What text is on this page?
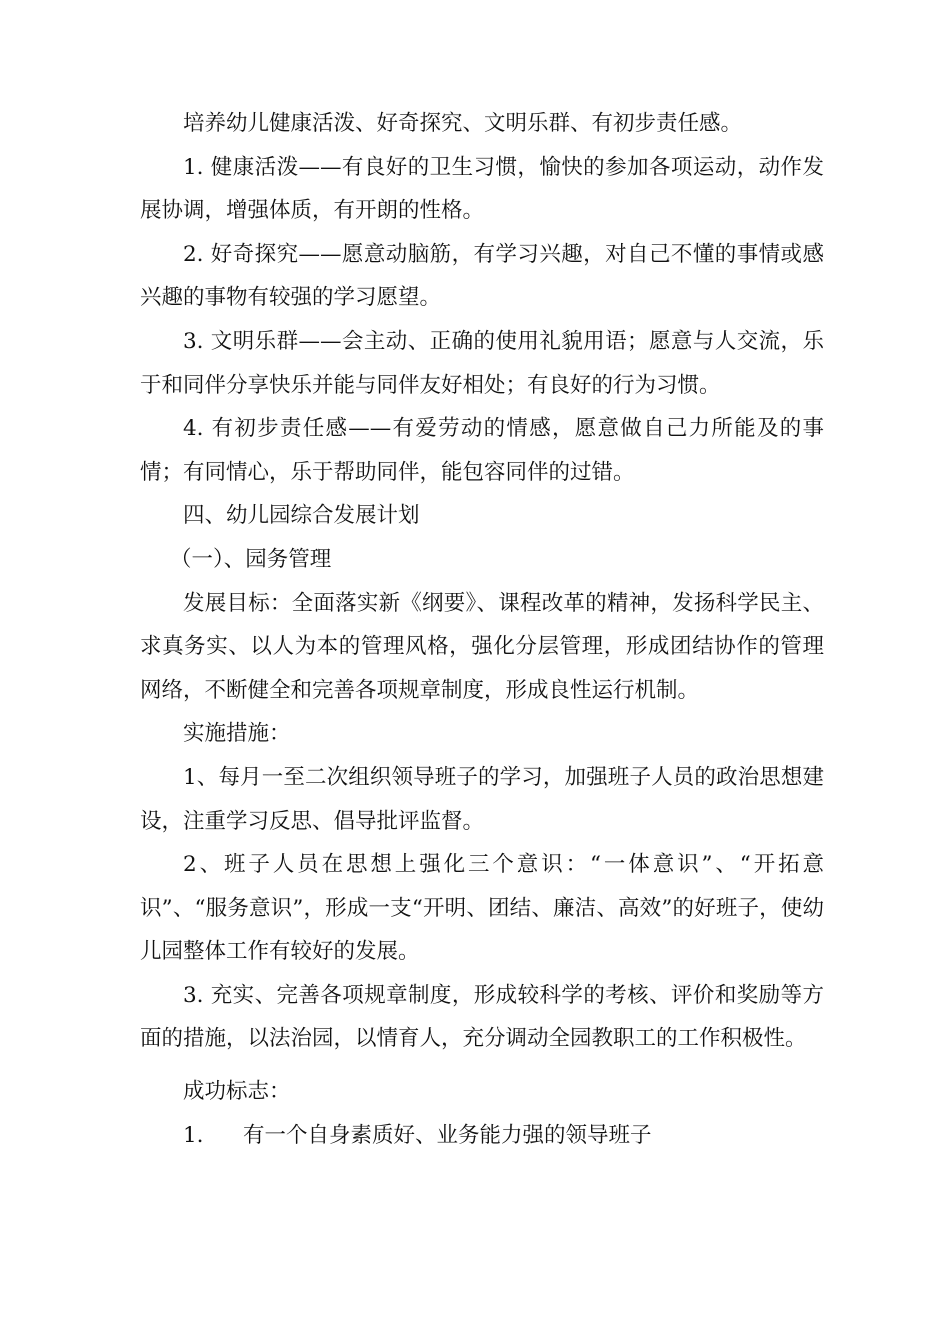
培养幼儿健康活泼、好奇探究、文明乐群、有初步责任感。

1. 健康活泼——有良好的卫生习惯，愉快的参加各项运动，动作发展协调，增强体质，有开朗的性格。

2. 好奇探究——愿意动脑筋，有学习兴趣，对自己不懂的事情或感兴趣的事物有较强的学习愿望。

3. 文明乐群——会主动、正确的使用礼貌用语；愿意与人交流，乐于和同伴分享快乐并能与同伴友好相处；有良好的行为习惯。

4. 有初步责任感——有爱劳动的情感，愿意做自己力所能及的事情；有同情心，乐于帮助同伴，能包容同伴的过错。

四、幼儿园综合发展计划

（一）、园务管理

发展目标：全面落实新《纲要》、课程改革的精神，发扬科学民主、求真务实、以人为本的管理风格，强化分层管理，形成团结协作的管理网络，不断健全和完善各项规章制度，形成良性运行机制。

实施措施：

1、每月一至二次组织领导班子的学习，加强班子人员的政治思想建设，注重学习反思、倡导批评监督。

2、班子人员在思想上强化三个意识：“一体意识”、“开拓意识”、“服务意识”，形成一支“开明、团结、廉洁、高效”的好班子，使幼儿园整体工作有较好的发展。

3. 充实、完善各项规章制度，形成较科学的考核、评价和奖励等方面的措施，以法治园，以情育人，充分调动全园教职工的工作积极性。

成功标志：

1. 有一个自身素质好、业务能力强的领导班子
